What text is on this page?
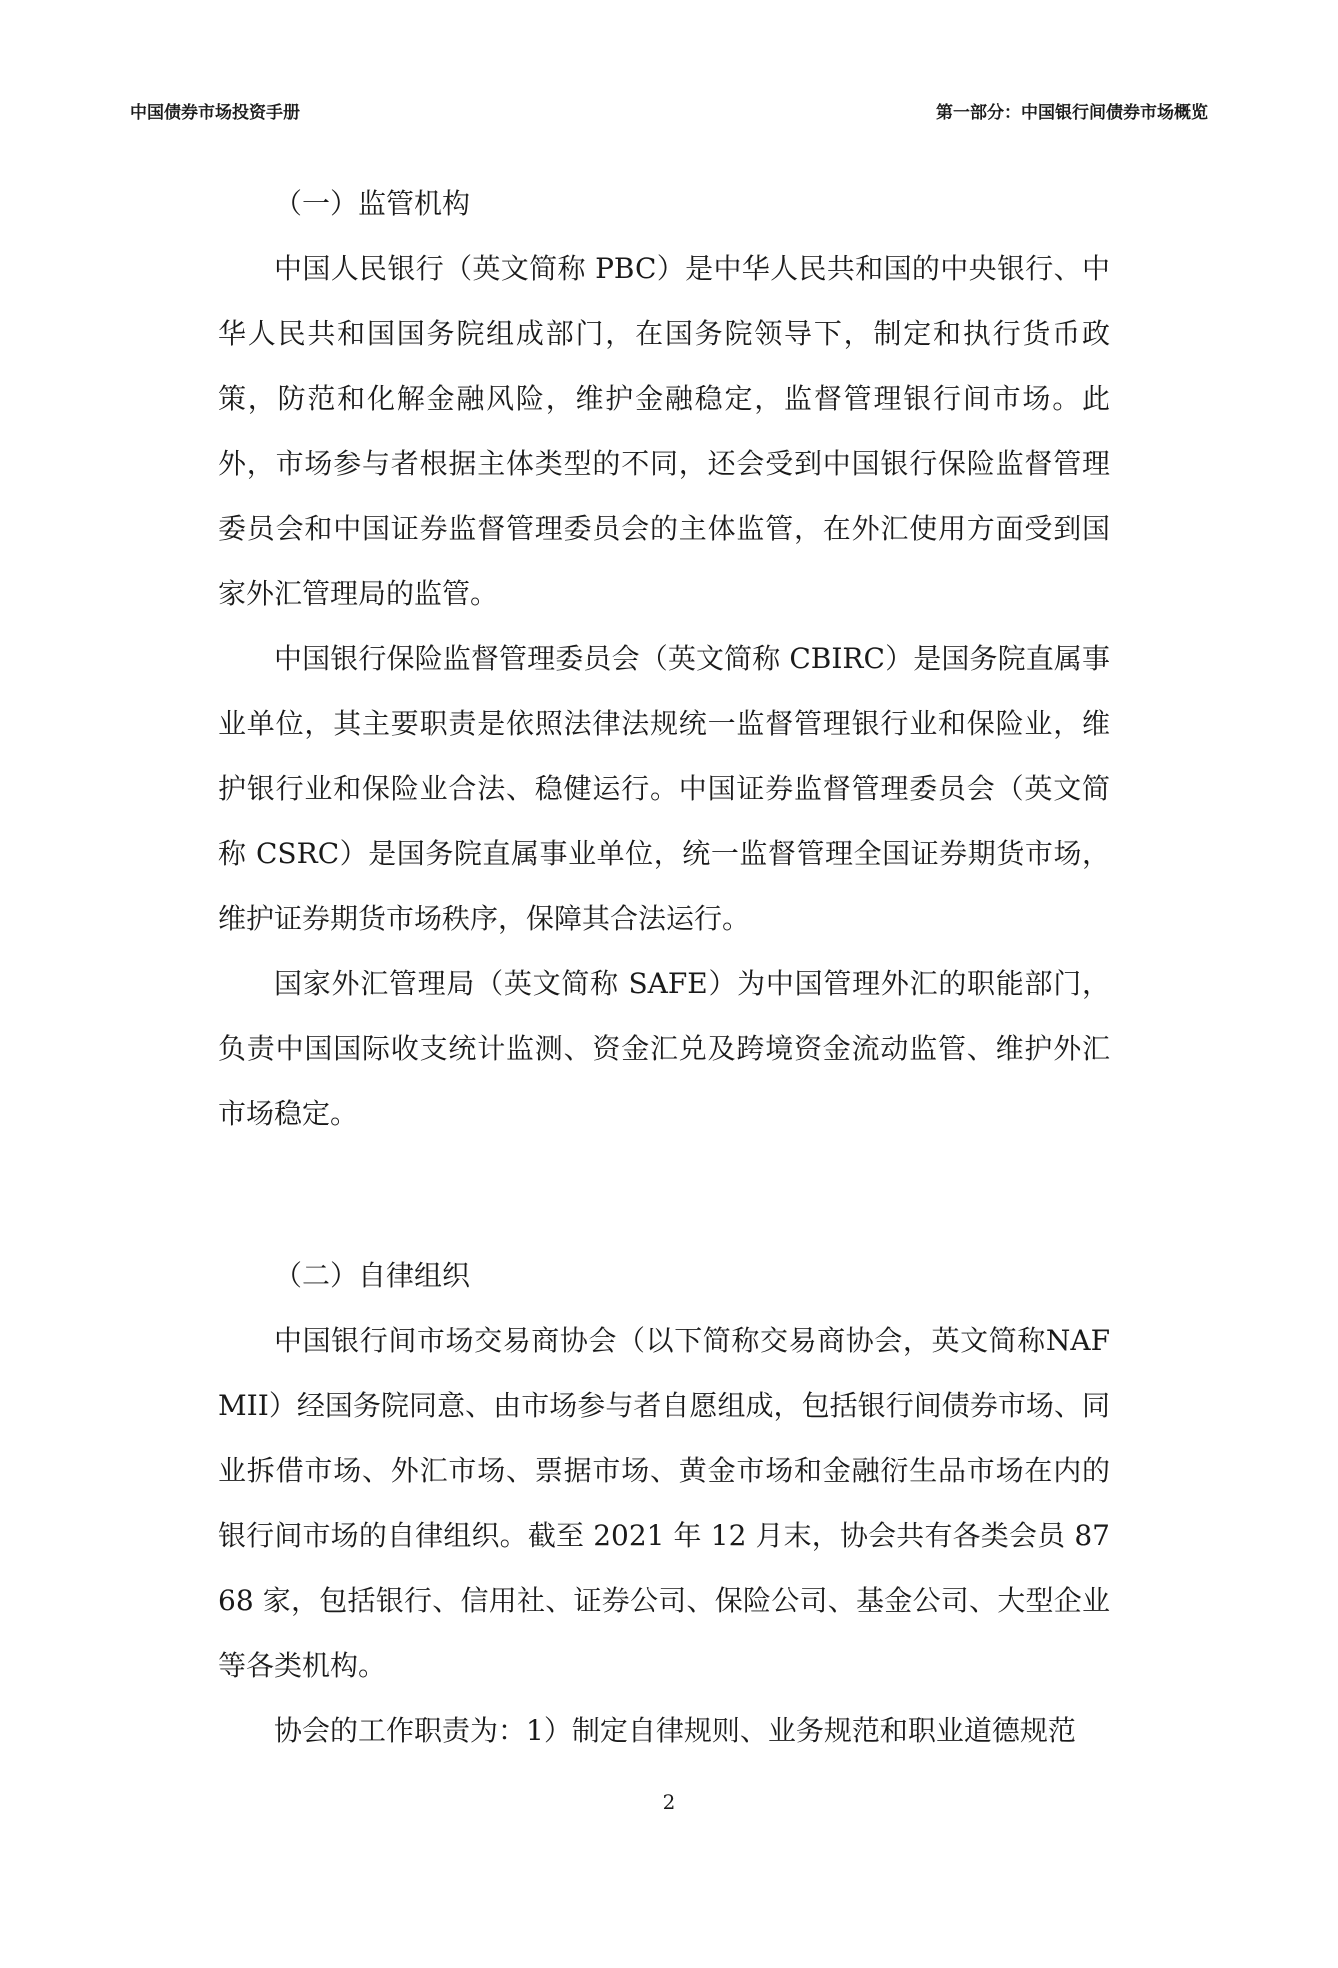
中国债券市场投资手册	第一部分：中国银行间债券市场概览
（一）监管机构

中国人民银行（英文简称 PBC）是中华人民共和国的中央银行、中华人民共和国国务院组成部门，在国务院领导下，制定和执行货币政策，防范和化解金融风险，维护金融稳定，监督管理银行间市场。此外，市场参与者根据主体类型的不同，还会受到中国银行保险监督管理委员会和中国证券监督管理委员会的主体监管，在外汇使用方面受到国家外汇管理局的监管。

中国银行保险监督管理委员会（英文简称 CBIRC）是国务院直属事业单位，其主要职责是依照法律法规统一监督管理银行业和保险业，维护银行业和保险业合法、稳健运行。中国证券监督管理委员会（英文简称 CSRC）是国务院直属事业单位，统一监督管理全国证券期货市场，维护证券期货市场秩序，保障其合法运行。

国家外汇管理局（英文简称 SAFE）为中国管理外汇的职能部门，负责中国国际收支统计监测、资金汇兑及跨境资金流动监管、维护外汇市场稳定。

（二）自律组织

中国银行间市场交易商协会（以下简称交易商协会，英文简称NAFMII）经国务院同意、由市场参与者自愿组成，包括银行间债券市场、同业拆借市场、外汇市场、票据市场、黄金市场和金融衍生品市场在内的银行间市场的自律组织。截至 2021 年 12 月末，协会共有各类会员 8768 家，包括银行、信用社、证券公司、保险公司、基金公司、大型企业等各类机构。

协会的工作职责为：1）制定自律规则、业务规范和职业道德规范

2
